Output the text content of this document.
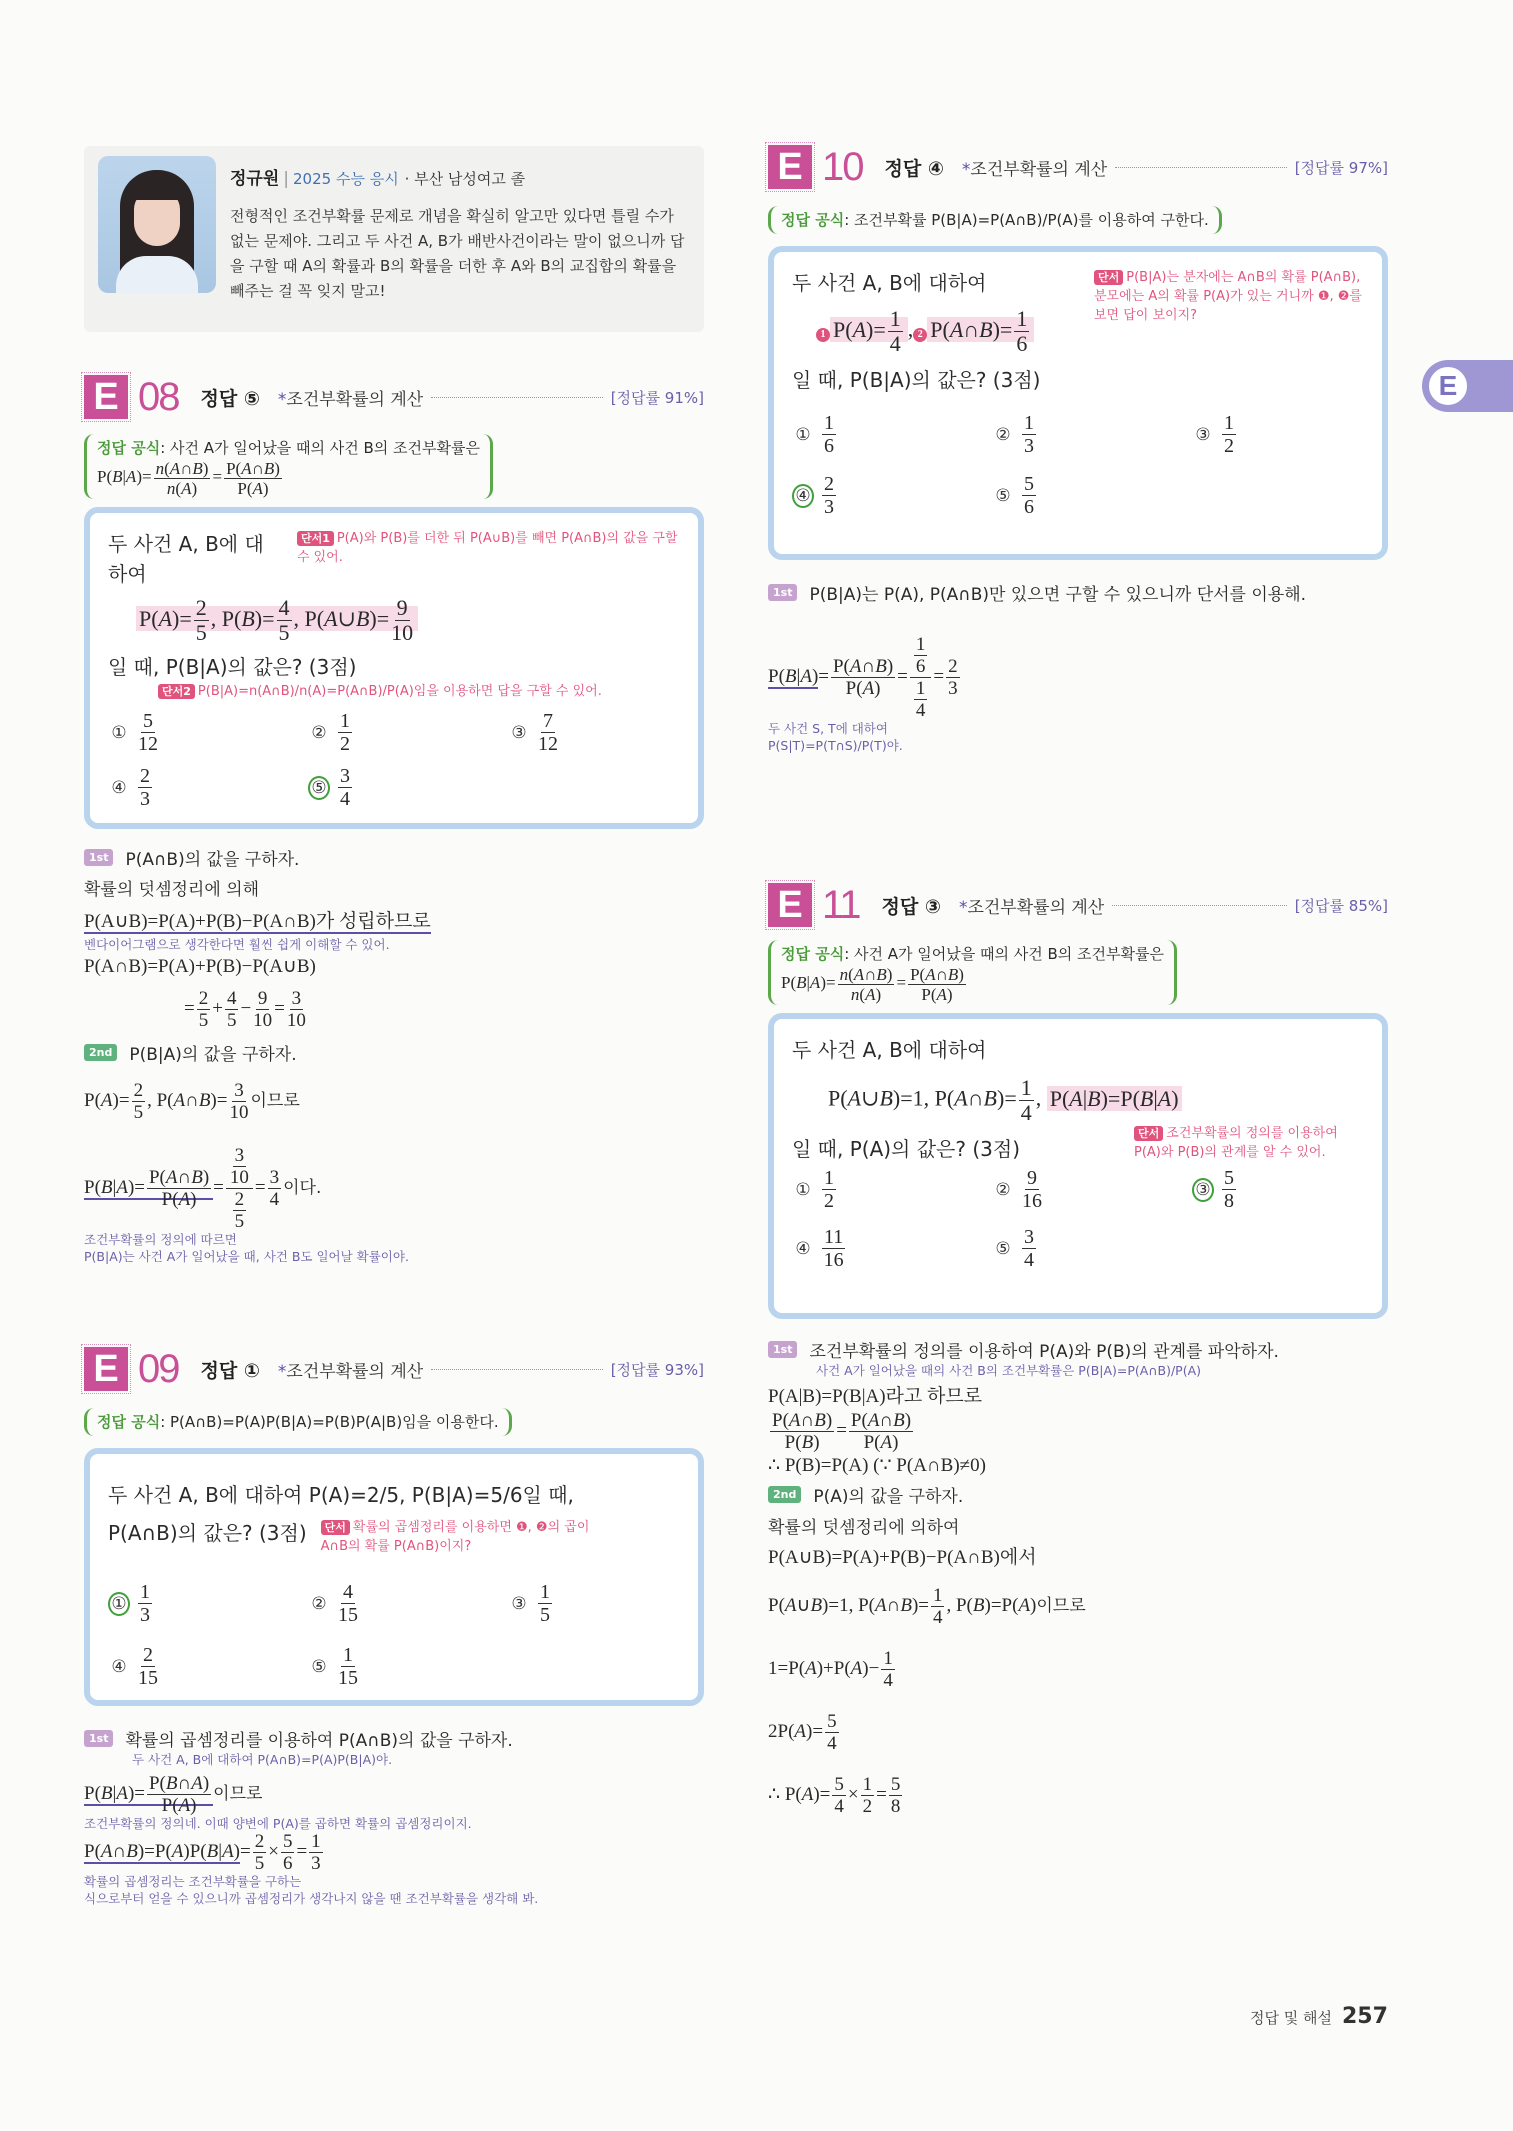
정규원 | 2025 수능 응시 · 부산 남성여고 졸
전형적인 조건부확률 문제로 개념을 확실히 알고만 있다면 틀릴 수가 없는 문제야. 그리고 두 사건 A, B가 배반사건이라는 말이 없으니까 답을 구할 때 A의 확률과 B의 확률을 더한 후 A와 B의 교집합의 확률을 빼주는 걸 꼭 잊지 말고!
E
E 08 정답 ⑤ *조건부확률의 계산	[정답률 91%]
정답 공식: 사건 A가 일어났을 때의 사건 B의 조건부확률은
$P(B|A)= \frac{n(A\cap B)}{n(A)} = \frac{P(A\cap B)}{P(A)}$
두 사건 A, B에 대하여
단서1 P(A)와 P(B)를 더한 뒤 P(A∪B)를 빼면 P(A∩B)의 값을 구할 수 있어.
$P(A)= \frac{2}{5}$ , $P(B)= \frac{4}{5}$ , P(A∪B)= $\frac{9}{10}$
일 때, P(B|A)의 값은? (3점)
단서2 P(B|A)=n(A∩B)/n(A)=P(A∩B)/P(A)임을 이용하면 답을 구할 수 있어.
① $\frac{5}{12}$	② $\frac{1}{2}$	③ $\frac{7}{12}$
④ $\frac{2}{3}$	⑤ $\frac{3}{4}$
1st P(A∩B)의 값을 구하자.
확률의 덧셈정리에 의해
P(A∪B)=P(A)+P(B)−P(A∩B)가 성립하므로
벤다이어그램으로 생각한다면 훨씬 쉽게 이해할 수 있어.
P(A∩B)=P(A)+P(B)−P(A∪B)
= $\frac{2}{5} + \frac{4}{5} - \frac{9}{10} = \frac{3}{10}$
2nd P(B|A)의 값을 구하자.
$P(A)= \frac{2}{5}$ , P(A∩B)= $\frac{3}{10}$ 이므로
$P(B|A)= \frac{P(A\cap B)}{P(A)} = \frac{\frac{3}{10}}{\frac{2}{5}} = \frac{3}{4}$ 이다.
조건부확률의 정의에 따르면
P(B|A)는 사건 A가 일어났을 때, 사건 B도 일어날 확률이야.
E 09 정답 ① *조건부확률의 계산	[정답률 93%]
정답 공식: P(A∩B)=P(A)P(B|A)=P(B)P(A|B)임을 이용한다.
두 사건 A, B에 대하여 P(A)=2/5, P(B|A)=5/6일 때,
P(A∩B)의 값은? (3점)	단서 확률의 곱셈정리를 이용하면 ❶, ❷의 곱이 A∩B의 확률 P(A∩B)이지?
① $\frac{1}{3}$	② $\frac{4}{15}$	③ $\frac{1}{5}$
④ $\frac{2}{15}$	⑤ $\frac{1}{15}$
1st 확률의 곱셈정리를 이용하여 P(A∩B)의 값을 구하자.
두 사건 A, B에 대하여 P(A∩B)=P(A)P(B|A)야.
$P(B|A)= \frac{P(B\cap A)}{P(A)}$ 이므로
조건부확률의 정의네. 이때 양변에 P(A)를 곱하면 확률의 곱셈정리이지.
P(A∩B)=P(A)P(B|A)= $\frac{2}{5} \times \frac{5}{6} = \frac{1}{3}$
확률의 곱셈정리는 조건부확률을 구하는
식으로부터 얻을 수 있으니까 곱셈정리가 생각나지 않을 땐 조건부확률을 생각해 봐.
E 10 정답 ④ *조건부확률의 계산	[정답률 97%]
정답 공식: 조건부확률 P(B|A)=P(A∩B)/P(A)를 이용하여 구한다.
두 사건 A, B에 대하여
1 $P(A)= \frac{1}{4}$ , 2 P(A∩B)= $\frac{1}{6}$
단서 P(B|A)는 분자에는 A∩B의 확률 P(A∩B), 분모에는 A의 확률 P(A)가 있는 거니까 ❶, ❷를 보면 답이 보이지?
일 때, P(B|A)의 값은? (3점)
① $\frac{1}{6}$	② $\frac{1}{3}$	③ $\frac{1}{2}$
④ $\frac{2}{3}$	⑤ $\frac{5}{6}$
1st P(B|A)는 P(A), P(A∩B)만 있으면 구할 수 있으니까 단서를 이용해.
$P(B|A)= \frac{P(A\cap B)}{P(A)} = \frac{\frac{1}{6}}{\frac{1}{4}} = \frac{2}{3}$
두 사건 S, T에 대하여
P(S|T)=P(T∩S)/P(T)야.
E 11 정답 ③ *조건부확률의 계산	[정답률 85%]
정답 공식: 사건 A가 일어났을 때의 사건 B의 조건부확률은
$P(B|A)= \frac{n(A\cap B)}{n(A)} = \frac{P(A\cap B)}{P(A)}$
두 사건 A, B에 대하여
P(A∪B)=1, P(A∩B)= $\frac{1}{4}$ , P(A|B)=P(B|A)
일 때, P(A)의 값은? (3점)
단서 조건부확률의 정의를 이용하여 P(A)와 P(B)의 관계를 알 수 있어.
① $\frac{1}{2}$	② $\frac{9}{16}$	③ $\frac{5}{8}$
④ $\frac{11}{16}$	⑤ $\frac{3}{4}$
1st 조건부확률의 정의를 이용하여 P(A)와 P(B)의 관계를 파악하자.
사건 A가 일어났을 때의 사건 B의 조건부확률은 P(B|A)=P(A∩B)/P(A)
P(A|B)=P(B|A)라고 하므로
$\frac{P(A\cap B)}{P(B)} = \frac{P(A\cap B)}{P(A)}$
∴ P(B)=P(A) (∵ P(A∩B)≠0)
2nd P(A)의 값을 구하자.
확률의 덧셈정리에 의하여
P(A∪B)=P(A)+P(B)−P(A∩B)에서
P(A∪B)=1, P(A∩B)= $\frac{1}{4}$ , P(B)=P(A)이므로
$1=P(A)+P(A)- \frac{1}{4}$
$2P(A)= \frac{5}{4}$
∴ $P(A)= \frac{5}{4} \times \frac{1}{2} = \frac{5}{8}$
정답 및 해설 257
